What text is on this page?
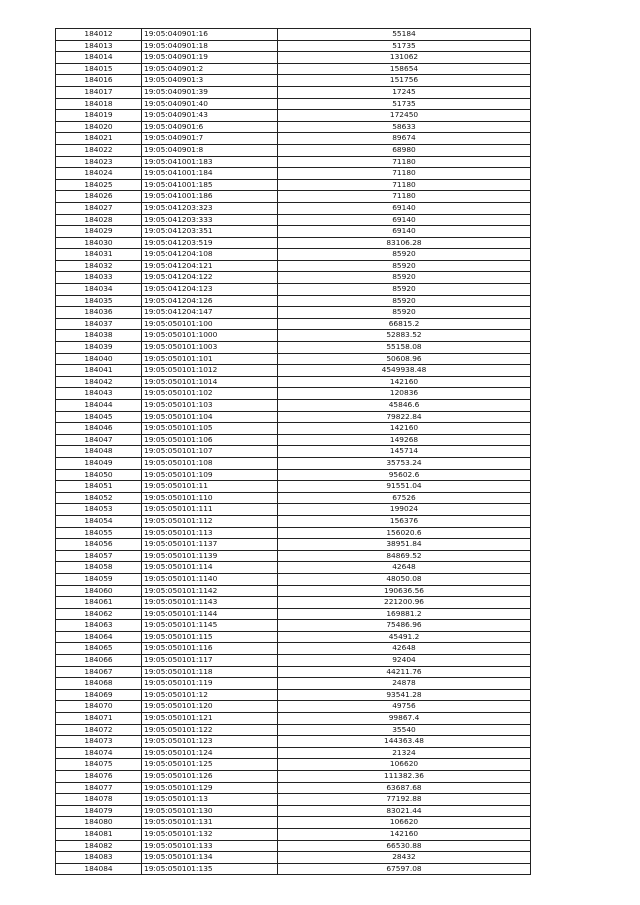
184012	19:05:040901:16	55184
184013	19:05:040901:18	51735
184014	19:05:040901:19	131062
184015	19:05:040901:2	158654
184016	19:05:040901:3	151756
184017	19:05:040901:39	17245
184018	19:05:040901:40	51735
184019	19:05:040901:43	172450
184020	19:05:040901:6	58633
184021	19:05:040901:7	89674
184022	19:05:040901:8	68980
184023	19:05:041001:183	71180
184024	19:05:041001:184	71180
184025	19:05:041001:185	71180
184026	19:05:041001:186	71180
184027	19:05:041203:323	69140
184028	19:05:041203:333	69140
184029	19:05:041203:351	69140
184030	19:05:041203:519	83106.28
184031	19:05:041204:108	85920
184032	19:05:041204:121	85920
184033	19:05:041204:122	85920
184034	19:05:041204:123	85920
184035	19:05:041204:126	85920
184036	19:05:041204:147	85920
184037	19:05:050101:100	66815.2
184038	19:05:050101:1000	52883.52
184039	19:05:050101:1003	55158.08
184040	19:05:050101:101	50608.96
184041	19:05:050101:1012	4549938.48
184042	19:05:050101:1014	142160
184043	19:05:050101:102	120836
184044	19:05:050101:103	45846.6
184045	19:05:050101:104	79822.84
184046	19:05:050101:105	142160
184047	19:05:050101:106	149268
184048	19:05:050101:107	145714
184049	19:05:050101:108	35753.24
184050	19:05:050101:109	95602.6
184051	19:05:050101:11	91551.04
184052	19:05:050101:110	67526
184053	19:05:050101:111	199024
184054	19:05:050101:112	156376
184055	19:05:050101:113	156020.6
184056	19:05:050101:1137	38951.84
184057	19:05:050101:1139	84869.52
184058	19:05:050101:114	42648
184059	19:05:050101:1140	48050.08
184060	19:05:050101:1142	190636.56
184061	19:05:050101:1143	221200.96
184062	19:05:050101:1144	169881.2
184063	19:05:050101:1145	75486.96
184064	19:05:050101:115	45491.2
184065	19:05:050101:116	42648
184066	19:05:050101:117	92404
184067	19:05:050101:118	44211.76
184068	19:05:050101:119	24878
184069	19:05:050101:12	93541.28
184070	19:05:050101:120	49756
184071	19:05:050101:121	99867.4
184072	19:05:050101:122	35540
184073	19:05:050101:123	144363.48
184074	19:05:050101:124	21324
184075	19:05:050101:125	106620
184076	19:05:050101:126	111382.36
184077	19:05:050101:129	63687.68
184078	19:05:050101:13	77192.88
184079	19:05:050101:130	83021.44
184080	19:05:050101:131	106620
184081	19:05:050101:132	142160
184082	19:05:050101:133	66530.88
184083	19:05:050101:134	28432
184084	19:05:050101:135	67597.08
